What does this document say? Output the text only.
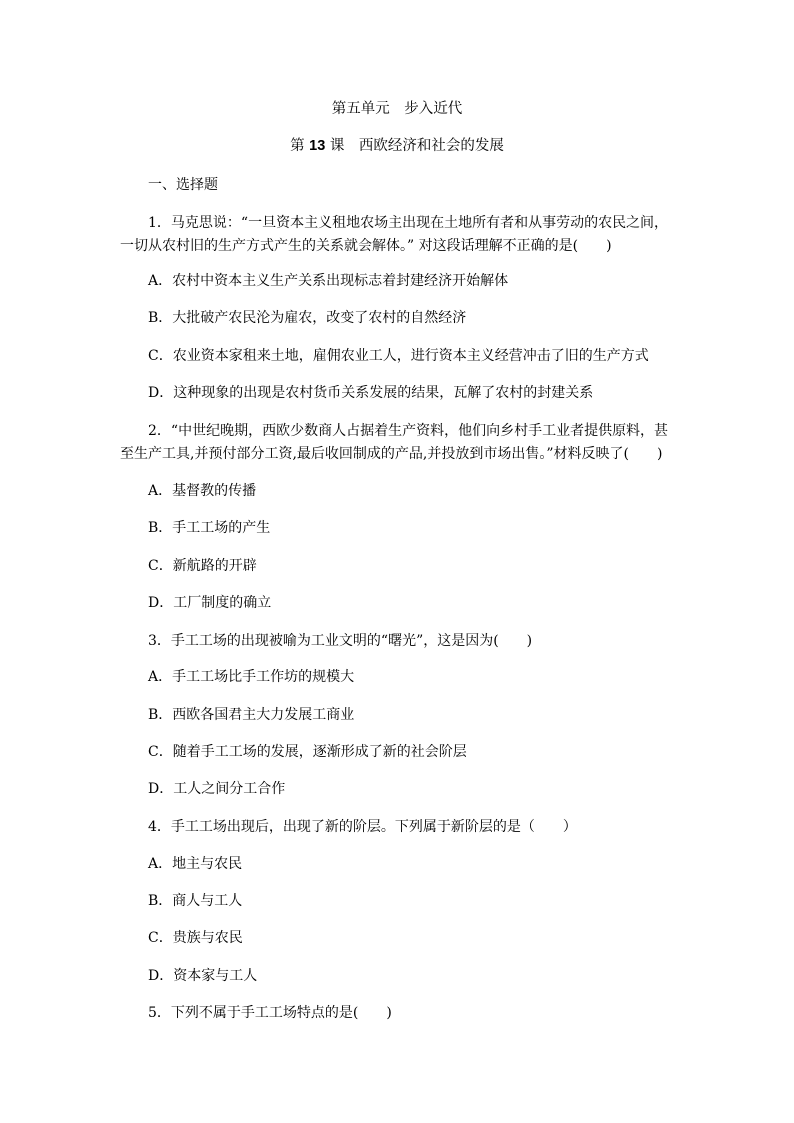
第五单元　步入近代
第 13 课　西欧经济和社会的发展
一、选择题
1．马克思说：“一旦资本主义租地农场主出现在土地所有者和从事劳动的农民之间，
一切从农村旧的生产方式产生的关系就会解体。” 对这段话理解不正确的是(　　)
A．农村中资本主义生产关系出现标志着封建经济开始解体
B．大批破产农民沦为雇农，改变了农村的自然经济
C．农业资本家租来土地，雇佣农业工人，进行资本主义经营冲击了旧的生产方式
D．这种现象的出现是农村货币关系发展的结果，瓦解了农村的封建关系
2．“中世纪晚期，西欧少数商人占据着生产资料，他们向乡村手工业者提供原料，甚
至生产工具,并预付部分工资,最后收回制成的产品,并投放到市场出售。”材料反映了(　　)
A．基督教的传播
B．手工工场的产生
C．新航路的开辟
D．工厂制度的确立
3．手工工场的出现被喻为工业文明的“曙光”，这是因为(　　)
A．手工工场比手工作坊的规模大
B．西欧各国君主大力发展工商业
C．随着手工工场的发展，逐渐形成了新的社会阶层
D．工人之间分工合作
4．手工工场出现后，出现了新的阶层。下列属于新阶层的是（　　）
A．地主与农民
B．商人与工人
C．贵族与农民
D．资本家与工人
5．下列不属于手工工场特点的是(　　)
